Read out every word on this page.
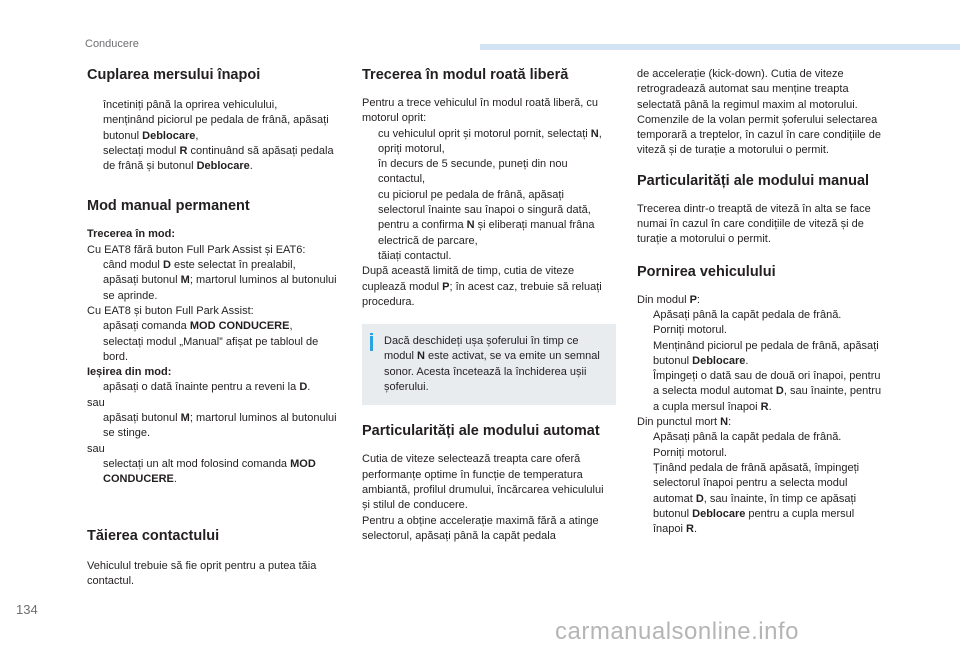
Conducere
Cuplarea mersului înapoi
încetiniți până la oprirea vehiculului,
menținând piciorul pe pedala de frână, apăsați butonul Deblocare,
selectați modul R continuând să apăsați pedala de frână și butonul Deblocare.
Mod manual permanent

Trecerea în mod:

Cu EAT8 fără buton Full Park Assist și EAT6:

când modul D este selectat în prealabil,
apăsați butonul M; martorul luminos al butonului se aprinde.

Cu EAT8 și buton Full Park Assist:

apăsați comanda MOD CONDUCERE,
selectați modul „Manual” afișat pe tabloul de bord.

Ieșirea din mod:

apăsați o dată înainte pentru a reveni la D.

sau

apăsați butonul M; martorul luminos al butonului se stinge.

sau

selectați un alt mod folosind comanda MOD CONDUCERE.
Tăierea contactului

Vehiculul trebuie să fie oprit pentru a putea tăia contactul.

Trecerea în modul roată liberă

Pentru a trece vehiculul în modul roată liberă, cu motorul oprit:

cu vehiculul oprit și motorul pornit, selectați N,
opriți motorul,
în decurs de 5 secunde, puneți din nou contactul,
cu piciorul pe pedala de frână, apăsați selectorul înainte sau înapoi o singură dată, pentru a confirma N și eliberați manual frâna electrică de parcare,
tăiați contactul.

După această limită de timp, cutia de viteze cuplează modul P; în acest caz, trebuie să reluați procedura.

Dacă deschideți ușa șoferului în timp ce modul N este activat, se va emite un semnal sonor. Acesta încetează la închiderea ușii șoferului.

Particularități ale modului automat

Cutia de viteze selectează treapta care oferă performanțe optime în funcție de temperatura ambiantă, profilul drumului, încărcarea vehiculului și stilul de conducere.

Pentru a obține accelerație maximă fără a atinge selectorul, apăsați până la capăt pedala

de accelerație (kick-down). Cutia de viteze retrogradează automat sau menține treapta selectată până la regimul maxim al motorului.

Comenzile de la volan permit șoferului selectarea temporară a treptelor, în cazul în care condițiile de viteză și de turație a motorului o permit.

Particularități ale modului manual

Trecerea dintr-o treaptă de viteză în alta se face numai în cazul în care condițiile de viteză și de turație a motorului o permit.

Pornirea vehiculului

Din modul P:

Apăsați până la capăt pedala de frână.
Porniți motorul.
Menținând piciorul pe pedala de frână, apăsați butonul Deblocare.
Împingeți o dată sau de două ori înapoi, pentru a selecta modul automat D, sau înainte, pentru a cupla mersul înapoi R.

Din punctul mort N:

Apăsați până la capăt pedala de frână.
Porniți motorul.
Ținând pedala de frână apăsată, împingeți selectorul înapoi pentru a selecta modul automat D, sau înainte, în timp ce apăsați butonul Deblocare pentru a cupla mersul înapoi R.
134
carmanualsonline.info
